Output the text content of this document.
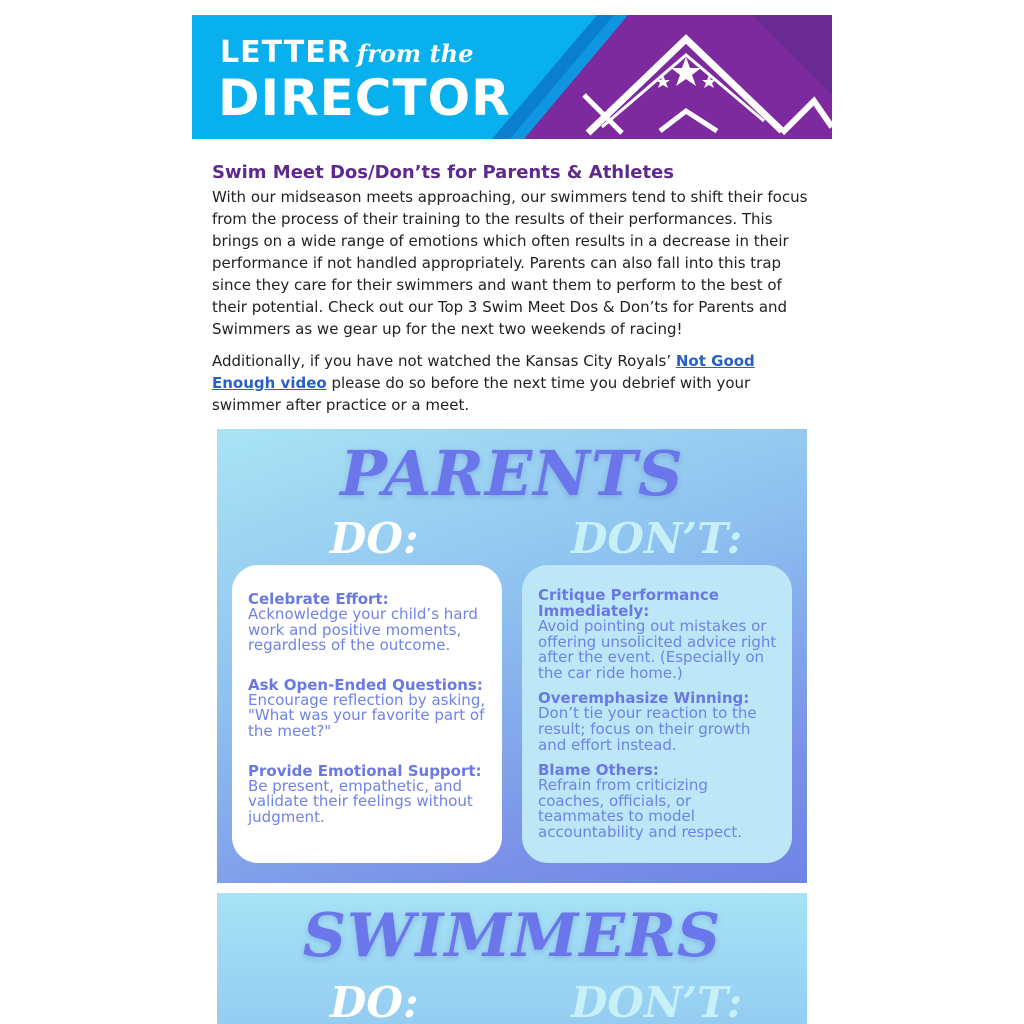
LETTER from the
DIRECTOR
Swim Meet Dos/Don’ts for Parents & Athletes

With our midseason meets approaching, our swimmers tend to shift their focus from the process of their training to the results of their performances. This brings on a wide range of emotions which often results in a decrease in their performance if not handled appropriately. Parents can also fall into this trap since they care for their swimmers and want them to perform to the best of their potential. Check out our Top 3 Swim Meet Dos & Don’ts for Parents and Swimmers as we gear up for the next two weekends of racing!

Additionally, if you have not watched the Kansas City Royals’ Not Good Enough video please do so before the next time you debrief with your swimmer after practice or a meet.

PARENTS
DO:	DON’T:
Celebrate Effort:
Acknowledge your child’s hard work and positive moments, regardless of the outcome.
Ask Open-Ended Questions:
Encourage reflection by asking, "What was your favorite part of the meet?"
Provide Emotional Support:
Be present, empathetic, and validate their feelings without judgment.
Critique Performance Immediately:
Avoid pointing out mistakes or offering unsolicited advice right after the event. (Especially on the car ride home.)
Overemphasize Winning:
Don’t tie your reaction to the result; focus on their growth and effort instead.
Blame Others:
Refrain from criticizing coaches, officials, or teammates to model accountability and respect.
SWIMMERS
DO:	DON’T:
